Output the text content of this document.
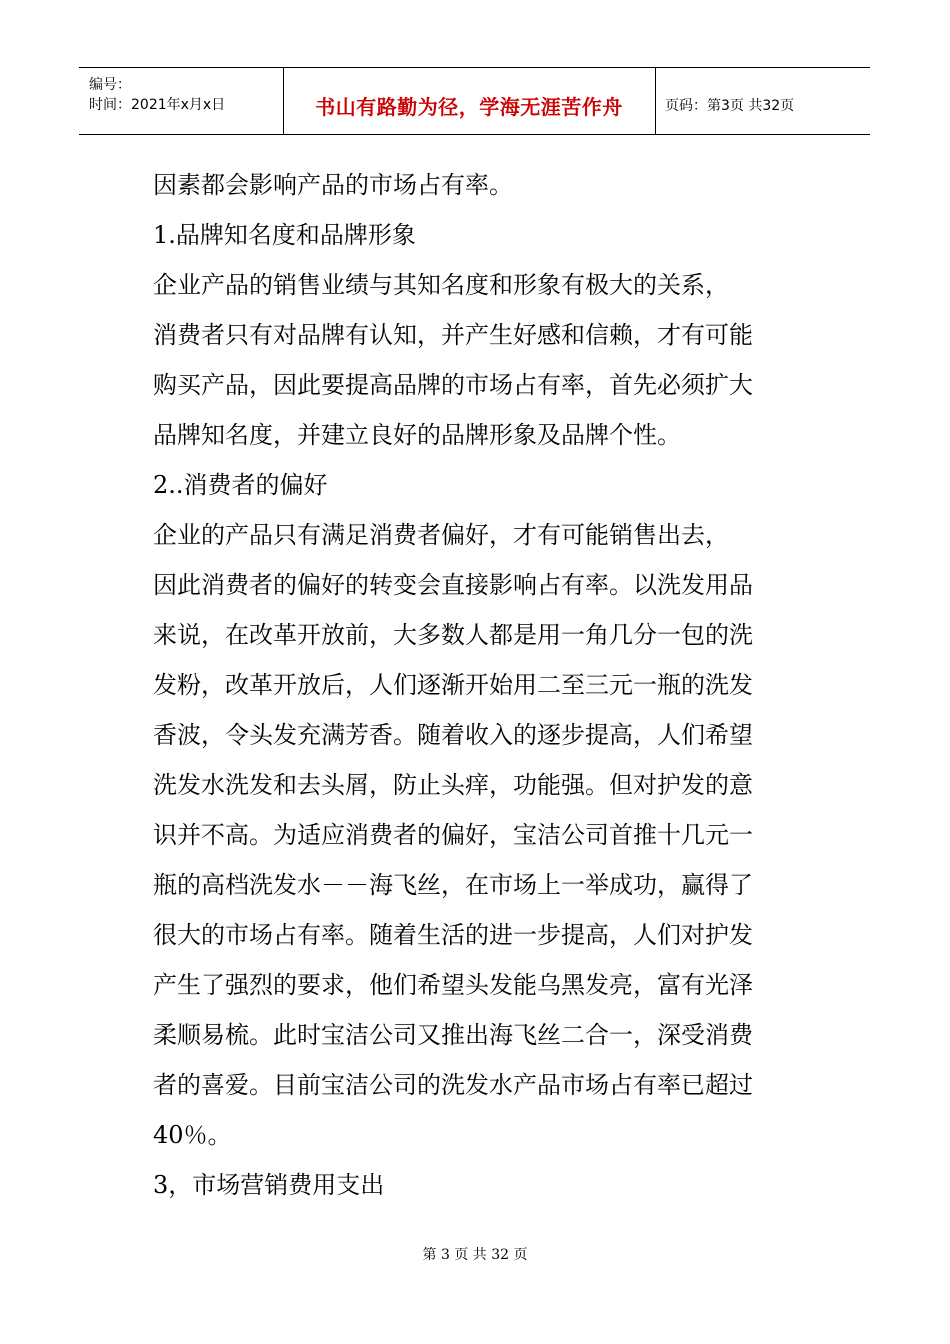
编号：
时间：2021年x月x日	书山有路勤为径，学海无涯苦作舟	页码：第3页 共32页
因素都会影响产品的市场占有率。
1.品牌知名度和品牌形象
企业产品的销售业绩与其知名度和形象有极大的关系，
消费者只有对品牌有认知，并产生好感和信赖，才有可能
购买产品，因此要提高品牌的市场占有率，首先必须扩大
品牌知名度，并建立良好的品牌形象及品牌个性。
2..消费者的偏好
企业的产品只有满足消费者偏好，才有可能销售出去，
因此消费者的偏好的转变会直接影响占有率。以洗发用品
来说，在改革开放前，大多数人都是用一角几分一包的洗
发粉，改革开放后，人们逐渐开始用二至三元一瓶的洗发
香波，令头发充满芳香。随着收入的逐步提高，人们希望
洗发水洗发和去头屑，防止头痒，功能强。但对护发的意
识并不高。为适应消费者的偏好，宝洁公司首推十几元一
瓶的高档洗发水－－海飞丝，在市场上一举成功，赢得了
很大的市场占有率。随着生活的进一步提高，人们对护发
产生了强烈的要求，他们希望头发能乌黑发亮，富有光泽
柔顺易梳。此时宝洁公司又推出海飞丝二合一，深受消费
者的喜爱。目前宝洁公司的洗发水产品市场占有率已超过
40％。
3，市场营销费用支出
第 3 页 共 32 页
